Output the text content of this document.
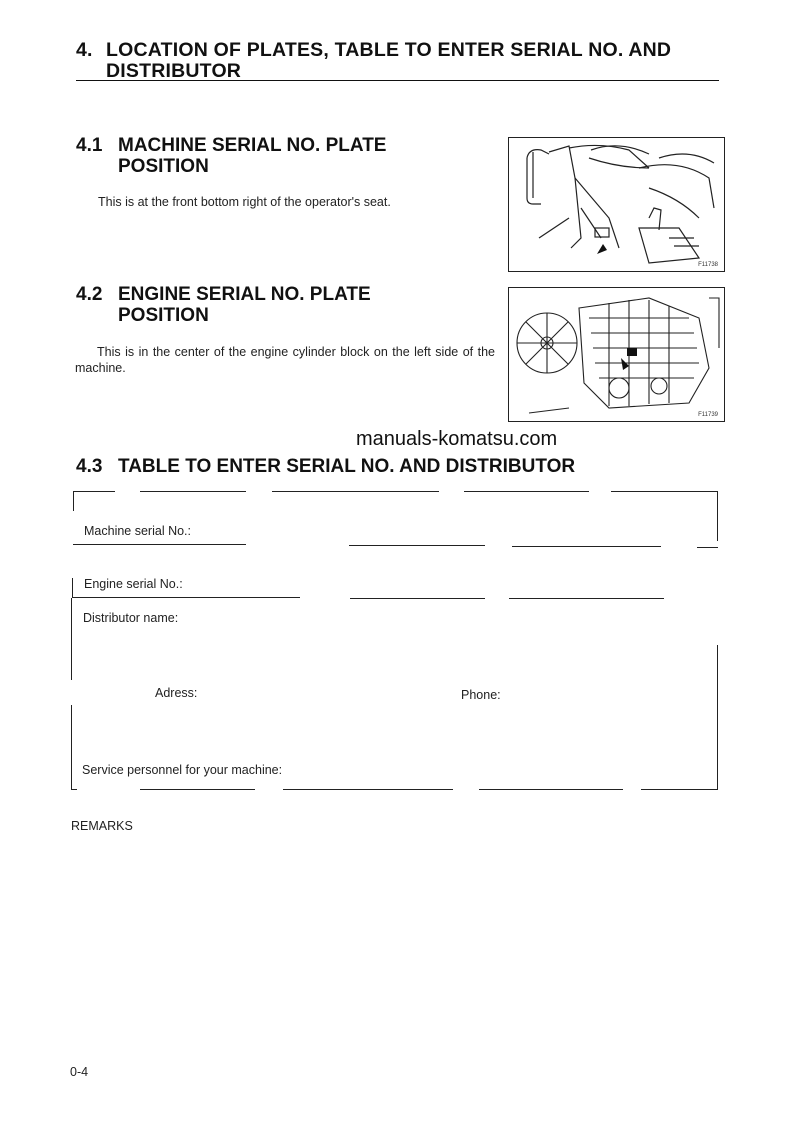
4. LOCATION OF PLATES, TABLE TO ENTER SERIAL NO. AND
DISTRIBUTOR
4.1 MACHINE SERIAL NO. PLATE
POSITION
This is at the front bottom right of the operator's seat.
F11738
4.2 ENGINE SERIAL NO. PLATE
POSITION
This is in the center of the engine cylinder block on the left side of the machine.
F11739
manuals-komatsu.com
4.3 TABLE TO ENTER SERIAL NO. AND DISTRIBUTOR
Machine serial No.:
Engine serial No.:
Distributor name:
Adress:	Phone:
Service personnel for your machine:
REMARKS
0-4
